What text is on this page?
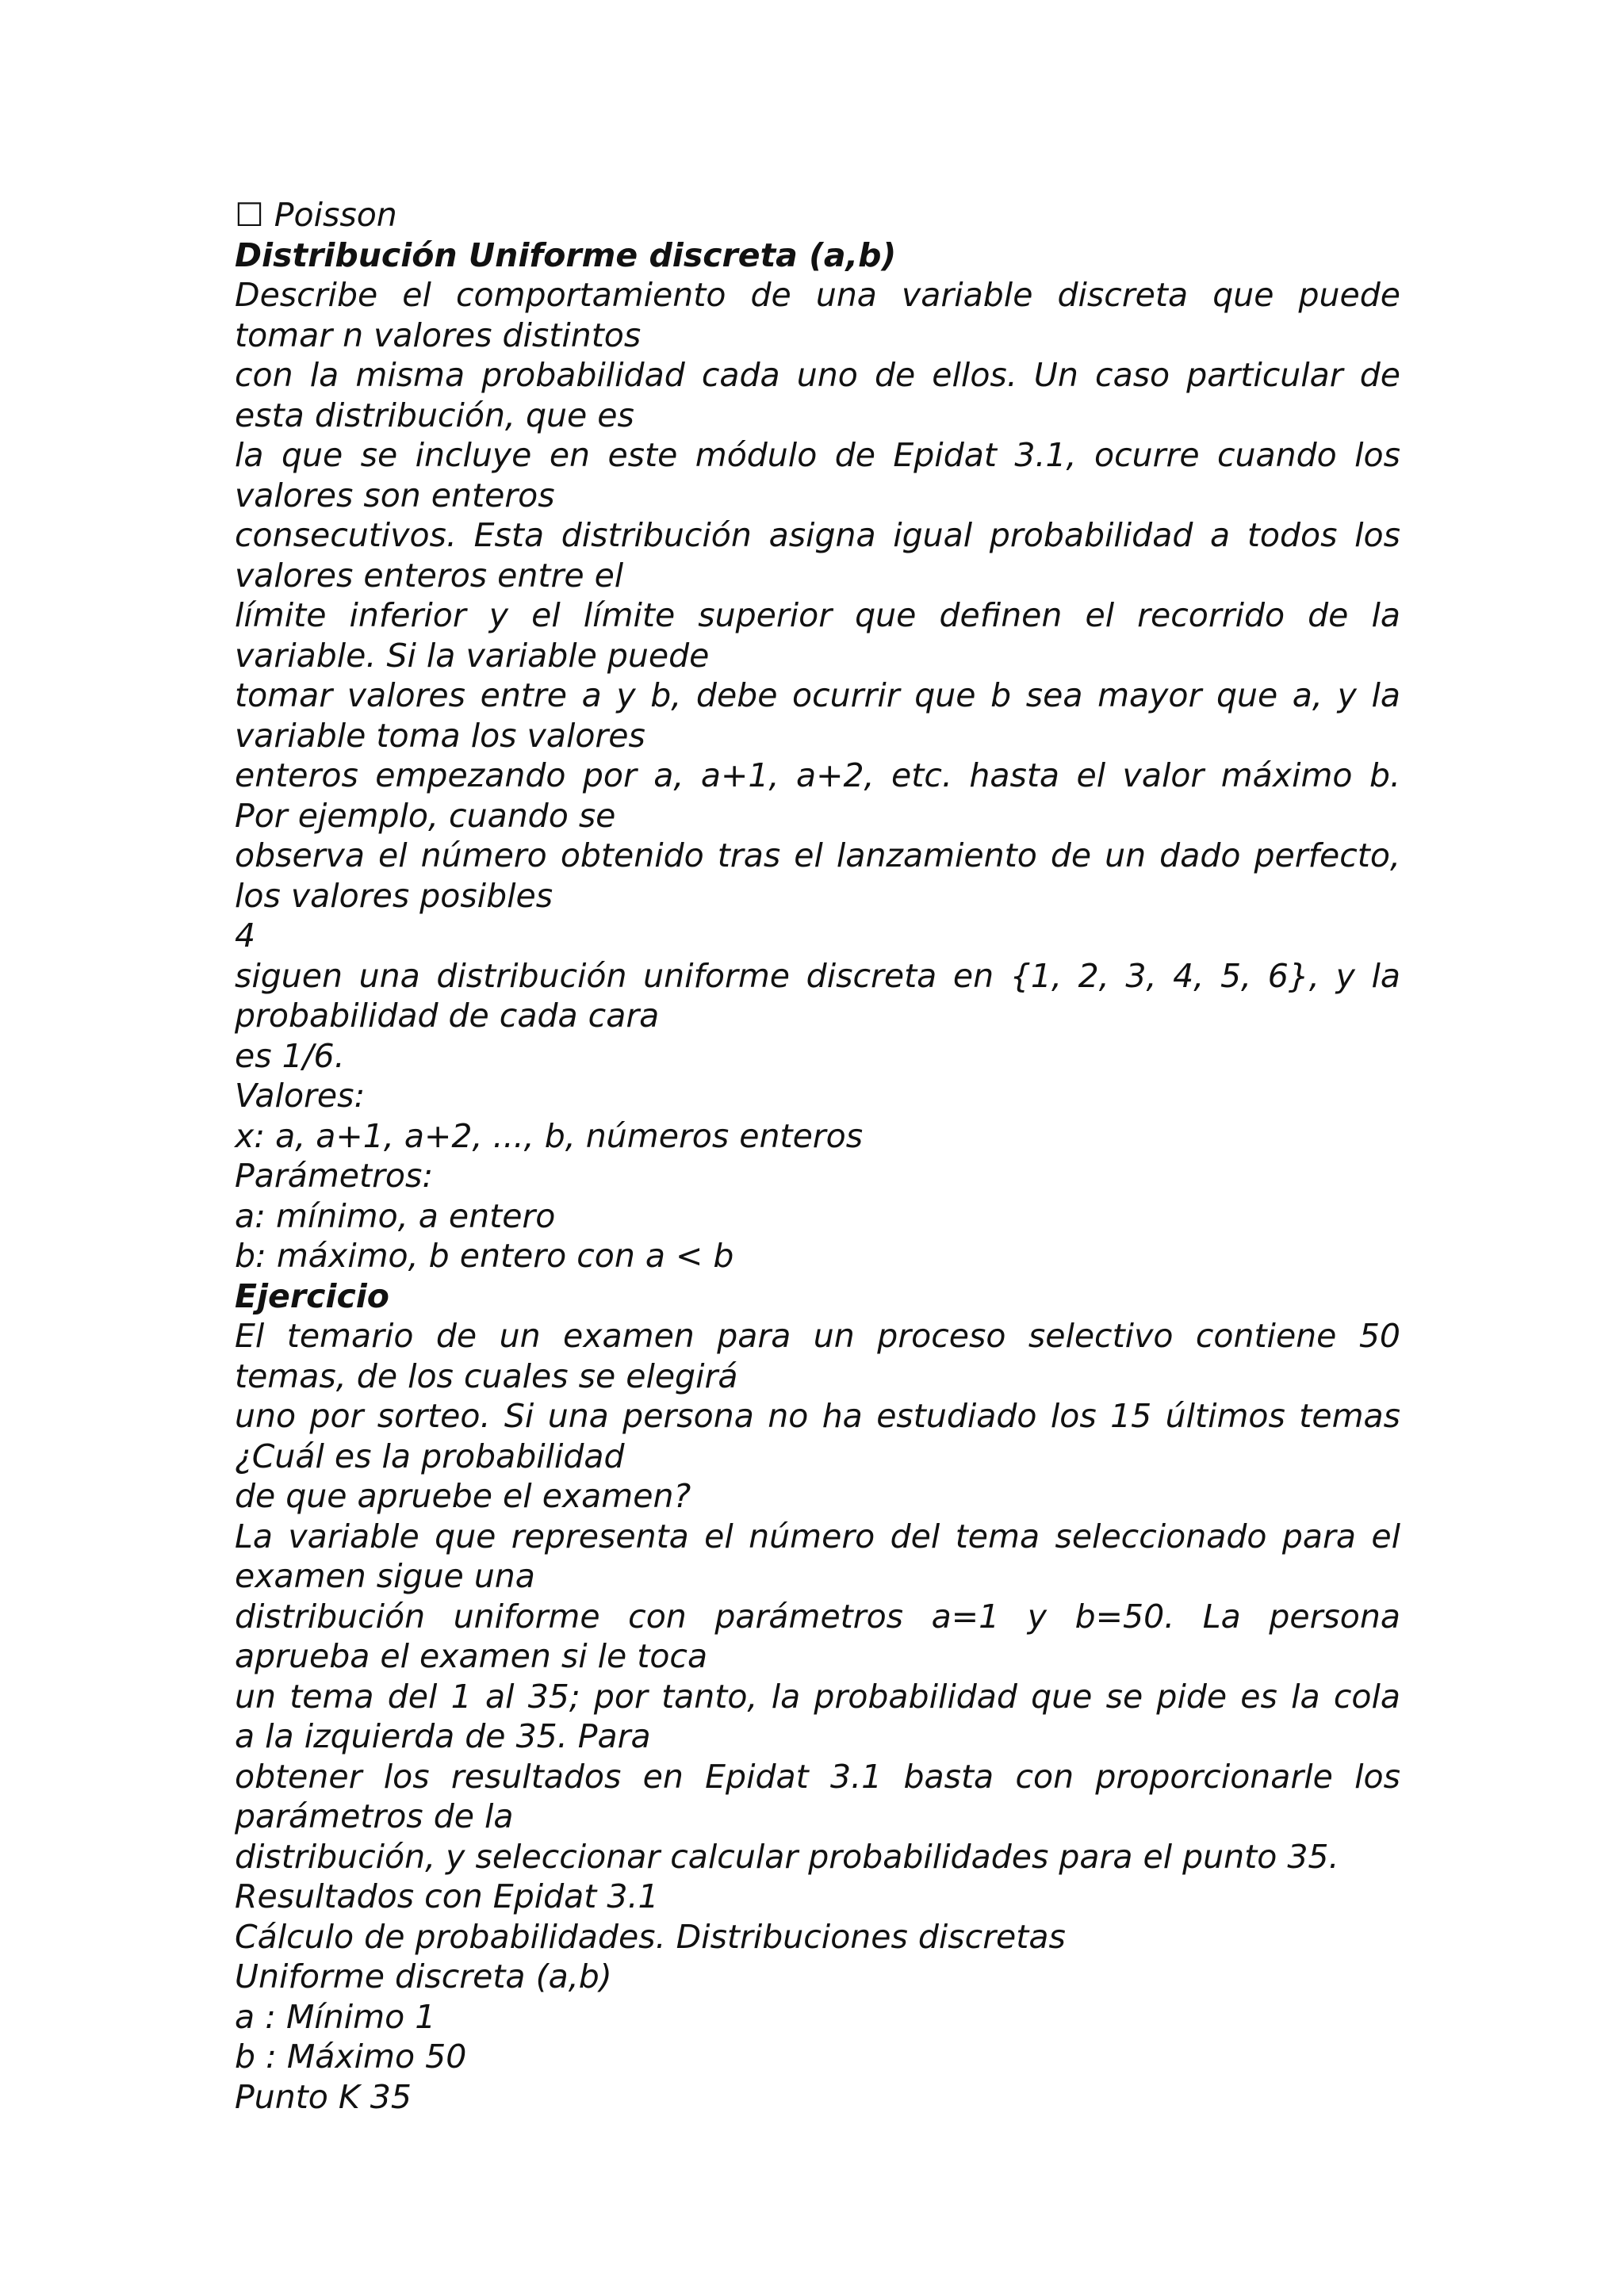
☐ Poisson
Distribución Uniforme discreta (a,b)
Describe el comportamiento de una variable discreta que puede
tomar n valores distintos
con la misma probabilidad cada uno de ellos. Un caso particular de
esta distribución, que es
la que se incluye en este módulo de Epidat 3.1, ocurre cuando los
valores son enteros
consecutivos. Esta distribución asigna igual probabilidad a todos los
valores enteros entre el
límite inferior y el límite superior que definen el recorrido de la
variable. Si la variable puede
tomar valores entre a y b, debe ocurrir que b sea mayor que a, y la
variable toma los valores
enteros empezando por a, a+1, a+2, etc. hasta el valor máximo b.
Por ejemplo, cuando se
observa el número obtenido tras el lanzamiento de un dado perfecto,
los valores posibles
4
siguen una distribución uniforme discreta en {1, 2, 3, 4, 5, 6}, y la
probabilidad de cada cara
es 1/6.
Valores:
x: a, a+1, a+2, ..., b, números enteros
Parámetros:
a: mínimo, a entero
b: máximo, b entero con a < b
Ejercicio
El temario de un examen para un proceso selectivo contiene 50
temas, de los cuales se elegirá
uno por sorteo. Si una persona no ha estudiado los 15 últimos temas
¿Cuál es la probabilidad
de que apruebe el examen?
La variable que representa el número del tema seleccionado para el
examen sigue una
distribución uniforme con parámetros a=1 y b=50. La persona
aprueba el examen si le toca
un tema del 1 al 35; por tanto, la probabilidad que se pide es la cola
a la izquierda de 35. Para
obtener los resultados en Epidat 3.1 basta con proporcionarle los
parámetros de la
distribución, y seleccionar calcular probabilidades para el punto 35.
Resultados con Epidat 3.1
Cálculo de probabilidades. Distribuciones discretas
Uniforme discreta (a,b)
a : Mínimo 1
b : Máximo 50
Punto K 35
